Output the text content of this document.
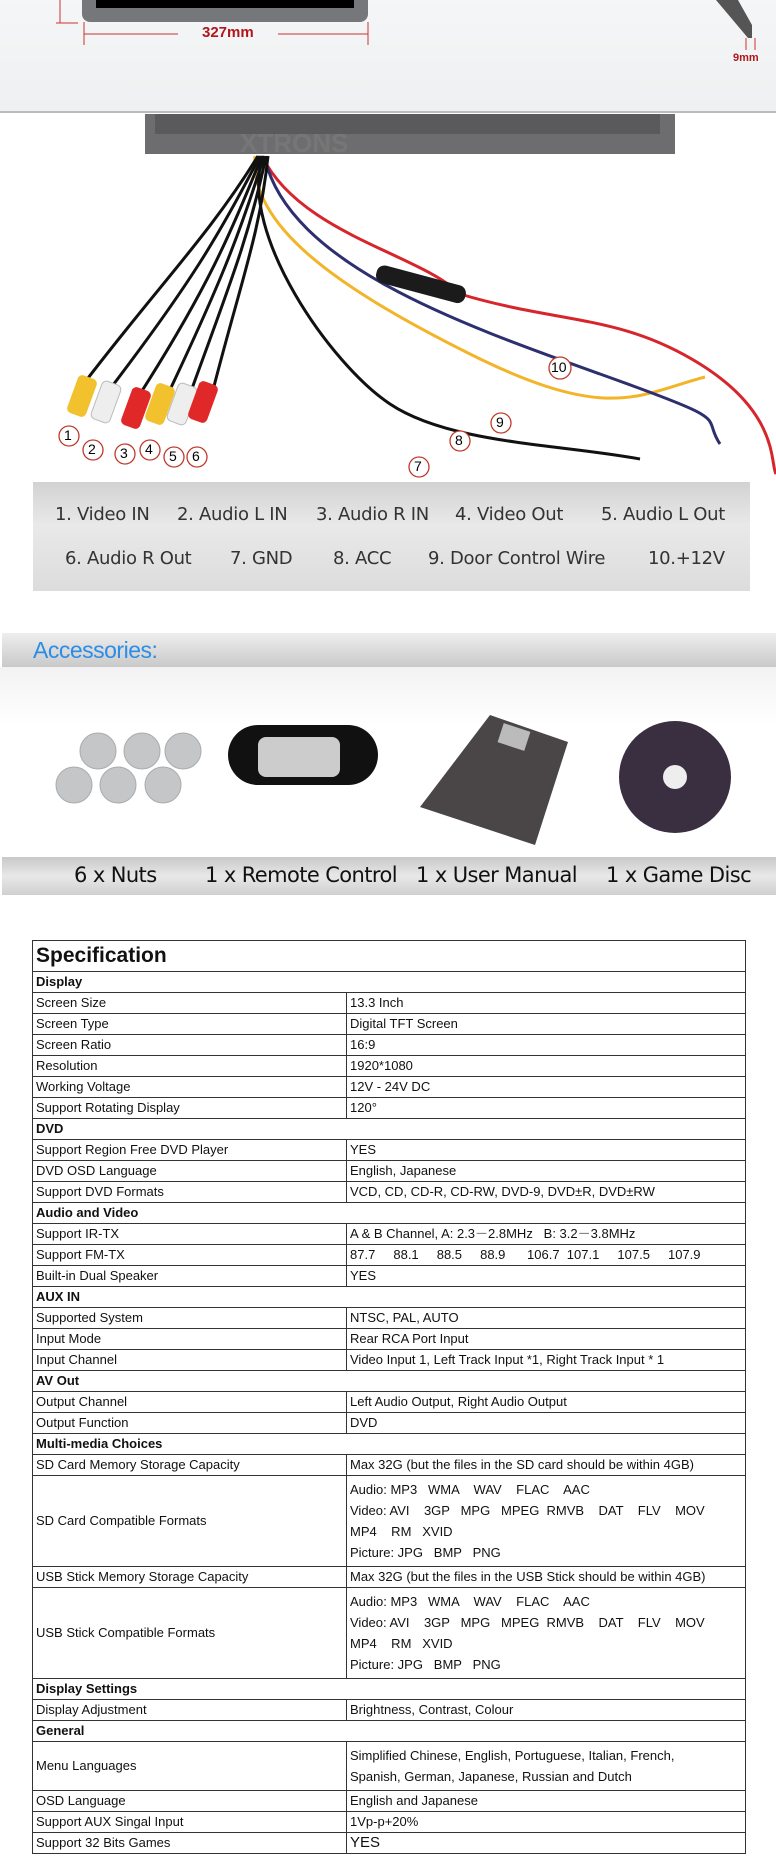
327mm
9mm
XTRONS
1
2 3 4 5 6
7
8
9
10
1. Video IN 2. Audio L IN 3. Audio R IN 4. Video Out 5. Audio L Out
6. Audio R Out 7. GND 8. ACC 9. Door Control Wire 10.+12V
Accessories:
6 x Nuts 1 x Remote Control 1 x User Manual 1 x Game Disc
Specification	
Display	
Screen Size	13.3 Inch
Screen Type	Digital TFT Screen
Screen Ratio	16:9
Resolution	1920*1080
Working Voltage	12V - 24V DC
Support Rotating Display	120°
DVD	
Support Region Free DVD Player	YES
DVD OSD Language	English, Japanese
Support DVD Formats	VCD, CD, CD-R, CD-RW, DVD-9, DVD±R, DVD±RW
Audio and Video	
Support IR-TX	A & B Channel, A: 2.3－2.8MHz   B: 3.2－3.8MHz
Support FM-TX	87.7     88.1     88.5     88.9      106.7  107.1     107.5     107.9
Built-in Dual Speaker	YES
AUX IN	
Supported System	NTSC, PAL, AUTO
Input Mode	Rear RCA Port Input
Input Channel	Video Input 1, Left Track Input *1, Right Track Input * 1
AV Out	
Output Channel	Left Audio Output, Right Audio Output
Output Function	DVD
Multi-media Choices	
SD Card Memory Storage Capacity	Max 32G (but the files in the SD card should be within 4GB)
SD Card Compatible Formats	Audio: MP3   WMA    WAV    FLAC    AAC
Video: AVI    3GP   MPG   MPEG  RMVB    DAT    FLV    MOV
MP4    RM   XVID
Picture: JPG   BMP   PNG

USB Stick Memory Storage Capacity	Max 32G (but the files in the USB Stick should be within 4GB)
USB Stick Compatible Formats	Audio: MP3   WMA    WAV    FLAC    AAC
Video: AVI    3GP   MPG   MPEG  RMVB    DAT    FLV    MOV
MP4    RM   XVID
Picture: JPG   BMP   PNG

Display Settings	
Display Adjustment	Brightness, Contrast, Colour
General	
Menu Languages	Simplified Chinese, English, Portuguese, Italian, French,
Spanish, German, Japanese, Russian and Dutch

OSD Language	English and Japanese
Support AUX Singal Input	1Vp-p+20%
Support 32 Bits Games	YES
